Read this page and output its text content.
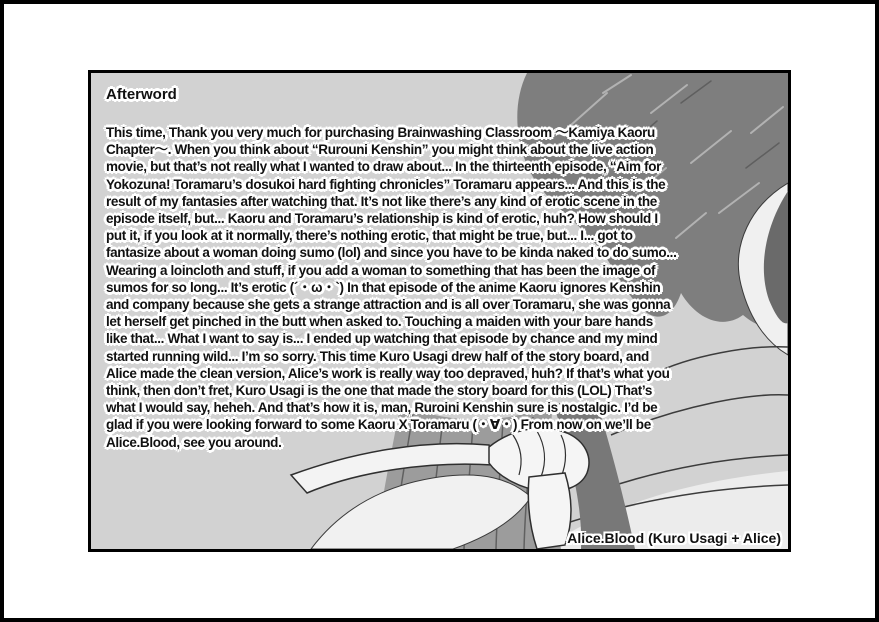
Afterword
This time, Thank you very much for purchasing Brainwashing Classroom ～Kamiya Kaoru
Chapter～. When you think about “Rurouni Kenshin” you might think about the live action
movie, but that’s not really what I wanted to draw about... In the thirteenth episode, “Aim for
Yokozuna! Toramaru’s dosukoi hard fighting chronicles” Toramaru appears... And this is the
result of my fantasies after watching that. It’s not like there’s any kind of erotic scene in the
episode itself, but... Kaoru and Toramaru’s relationship is kind of erotic, huh? How should I
put it, if you look at it normally, there’s nothing erotic, that might be true, but... I... got to
fantasize about a woman doing sumo (lol) and since you have to be kinda naked to do sumo...
Wearing a loincloth and stuff, if you add a woman to something that has been the image of
sumos for so long... It’s erotic (´・ω・`) In that episode of the anime Kaoru ignores Kenshin
and company because she gets a strange attraction and is all over Toramaru, she was gonna
let herself get pinched in the butt when asked to. Touching a maiden with your bare hands
like that... What I want to say is... I ended up watching that episode by chance and my mind
started running wild... I’m so sorry. This time Kuro Usagi drew half of the story board, and
Alice made the clean version, Alice’s work is really way too depraved, huh? If that’s what you
think, then don’t fret, Kuro Usagi is the one that made the story board for this (LOL) That’s
what I would say, heheh. And that’s how it is, man, Ruroini Kenshin sure is nostalgic. I’d be
glad if you were looking forward to some Kaoru X Toramaru (・∀・) From now on we’ll be
Alice.Blood, see you around.
Alice.Blood (Kuro Usagi + Alice)
